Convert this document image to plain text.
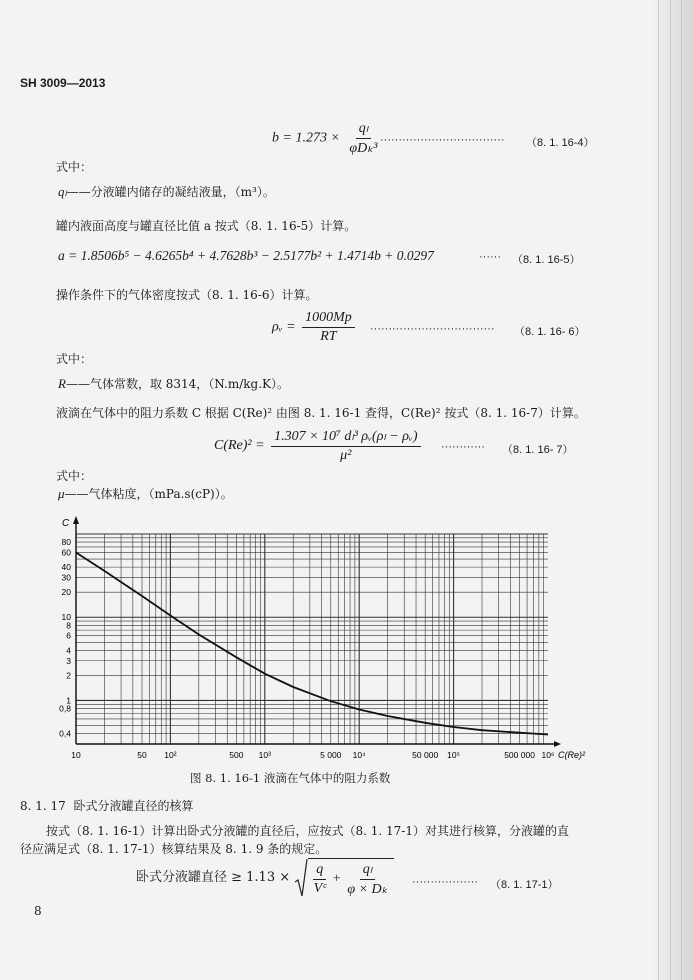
SH 3009—2013
$b = 1.273 \times \frac{\text{qₗ}}{\text{φDₖ³}}$ ·································· （8. 1. 16-4）
式中：
qₗ——分液罐内储存的凝结液量，（m³）。
罐内液面高度与罐直径比值 a 按式（8. 1. 16-5）计算。
a = 1.8506b⁵ − 4.6265b⁴ + 4.7628b³ − 2.5177b² + 1.4714b + 0.0297	······ （8. 1. 16-5）
操作条件下的气体密度按式（8. 1. 16-6）计算。
ρᵥ = $\frac{1000Mp}{RT}$ ·································· （8. 1. 16- 6）
式中：
R——气体常数，取 8314，（N.m/kg.K）。
液滴在气体中的阻力系数 C 根据 C(Re)² 由图 8. 1. 16-1 查得，C(Re)² 按式（8. 1. 16-7）计算。
$C(Re)^2 = \frac{\text{1.307 × 10⁷ dₗ³ ρᵥ(ρₗ − ρᵥ)}}{\text{μ²}}$ ············ （8. 1. 16- 7）
式中：
μ——气体粘度，（mPa.s(cP)）。
10	50 10²	500 10³	5 000 10⁴	50 000 10⁵	500 000 10⁶
0,4
0,8
1
2
3
4
6
8
10
20
30
40
60
80
C
C(Re)²
图 8. 1. 16-1 液滴在气体中的阻力系数
8. 1. 17 卧式分液罐直径的核算
按式（8. 1. 16-1）计算出卧式分液罐的直径后，应按式（8. 1. 17-1）对其进行核算，分液罐的直
径应满足式（8. 1. 17-1）核算结果及 8. 1. 9 条的规定。
卧式分液罐直径 ≥ $1.13 \times \frac{q}{\text{Vᶜ}} + \frac{\text{qₗ}}{\text{φ × Dₖ}}$ ·················· （8. 1. 17-1）
8
